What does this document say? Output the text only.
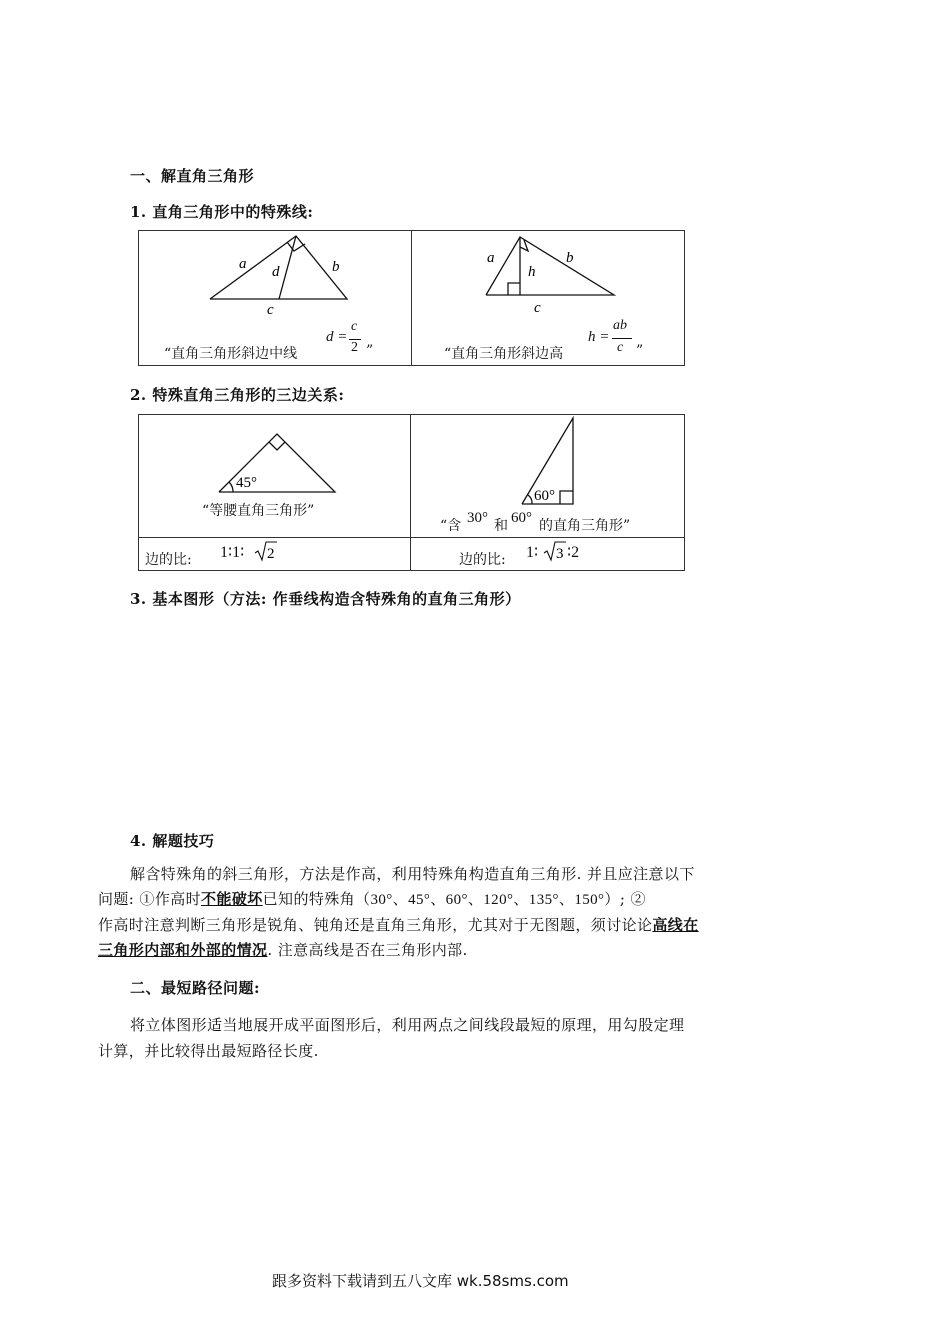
一、解直角三角形
1. 直角三角形中的特殊线:
a	b
d
c
“直角三角形斜边中线
d =
c
2 ”
a	b
h
c
“直角三角形斜边高
h =
ab
c ”
2. 特殊直角三角形的三边关系:
45°
“等腰直角三角形”
边的比: 1∶1∶ 2
60°
“含 30° 和 60° 的直角三角形”
边的比: 1∶ 3 ∶2
3. 基本图形（方法: 作垂线构造含特殊角的直角三角形）
4. 解题技巧
解含特殊角的斜三角形，方法是作高，利用特殊角构造直角三角形. 并且应注意以下
问题: ①作高时不能破坏已知的特殊角（30°、45°、60°、120°、135°、150°）; ②
作高时注意判断三角形是锐角、钝角还是直角三角形，尤其对于无图题，须讨论论高线在
三角形内部和外部的情况. 注意高线是否在三角形内部.
二、最短路径问题:
将立体图形适当地展开成平面图形后，利用两点之间线段最短的原理，用勾股定理
计算，并比较得出最短路径长度.
跟多资料下载请到五八文库 wk.58sms.com
